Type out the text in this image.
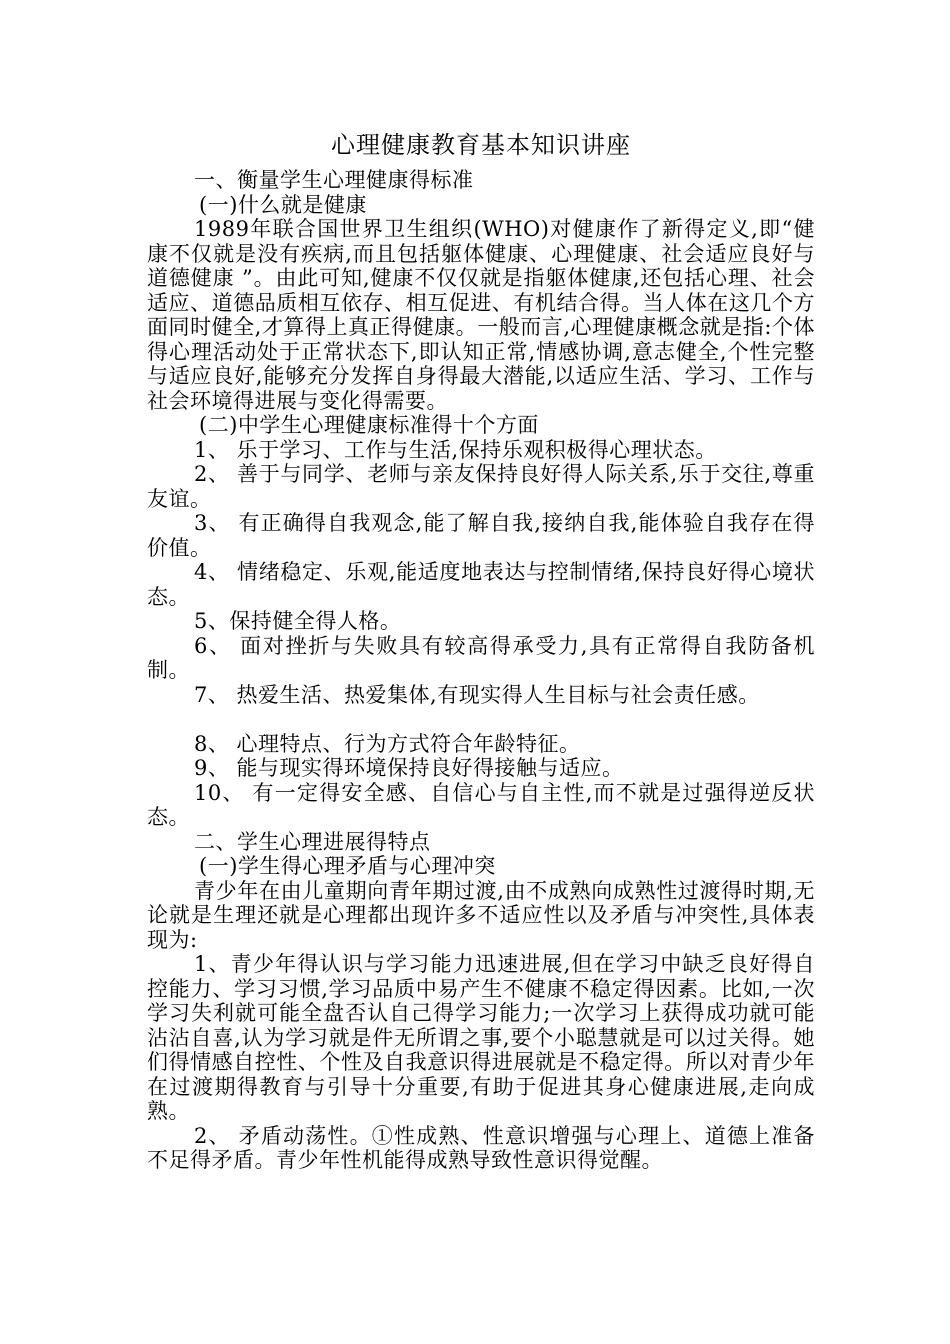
心理健康教育基本知识讲座

一、衡量学生心理健康得标准

(一)什么就是健康

1989年联合国世界卫生组织(WHO)对健康作了新得定义,即“健康不仅就是没有疾病,而且包括躯体健康、心理健康、社会适应良好与道德健康 ”。由此可知,健康不仅仅就是指躯体健康,还包括心理、社会适应、道德品质相互依存、相互促进、有机结合得。当人体在这几个方面同时健全,才算得上真正得健康。一般而言,心理健康概念就是指:个体得心理活动处于正常状态下,即认知正常,情感协调,意志健全,个性完整与适应良好,能够充分发挥自身得最大潜能,以适应生活、学习、工作与社会环境得进展与变化得需要。

(二)中学生心理健康标准得十个方面

1、 乐于学习、工作与生活,保持乐观积极得心理状态。

2、 善于与同学、老师与亲友保持良好得人际关系,乐于交往,尊重友谊。

3、 有正确得自我观念,能了解自我,接纳自我,能体验自我存在得价值。

4、 情绪稳定、乐观,能适度地表达与控制情绪,保持良好得心境状态。

5、保持健全得人格。

6、 面对挫折与失败具有较高得承受力,具有正常得自我防备机制。

7、 热爱生活、热爱集体,有现实得人生目标与社会责任感。

8、 心理特点、行为方式符合年龄特征。

9、 能与现实得环境保持良好得接触与适应。

10、 有一定得安全感、自信心与自主性,而不就是过强得逆反状态。

二、学生心理进展得特点

(一)学生得心理矛盾与心理冲突

青少年在由儿童期向青年期过渡,由不成熟向成熟性过渡得时期,无论就是生理还就是心理都出现许多不适应性以及矛盾与冲突性,具体表现为:

1、青少年得认识与学习能力迅速进展,但在学习中缺乏良好得自控能力、学习习惯,学习品质中易产生不健康不稳定得因素。比如,一次学习失利就可能全盘否认自己得学习能力;一次学习上获得成功就可能沾沾自喜,认为学习就是件无所谓之事,要个小聪慧就是可以过关得。她们得情感自控性、个性及自我意识得进展就是不稳定得。所以对青少年在过渡期得教育与引导十分重要,有助于促进其身心健康进展,走向成熟。

2、 矛盾动荡性。①性成熟、性意识增强与心理上、道德上准备不足得矛盾。青少年性机能得成熟导致性意识得觉醒。
